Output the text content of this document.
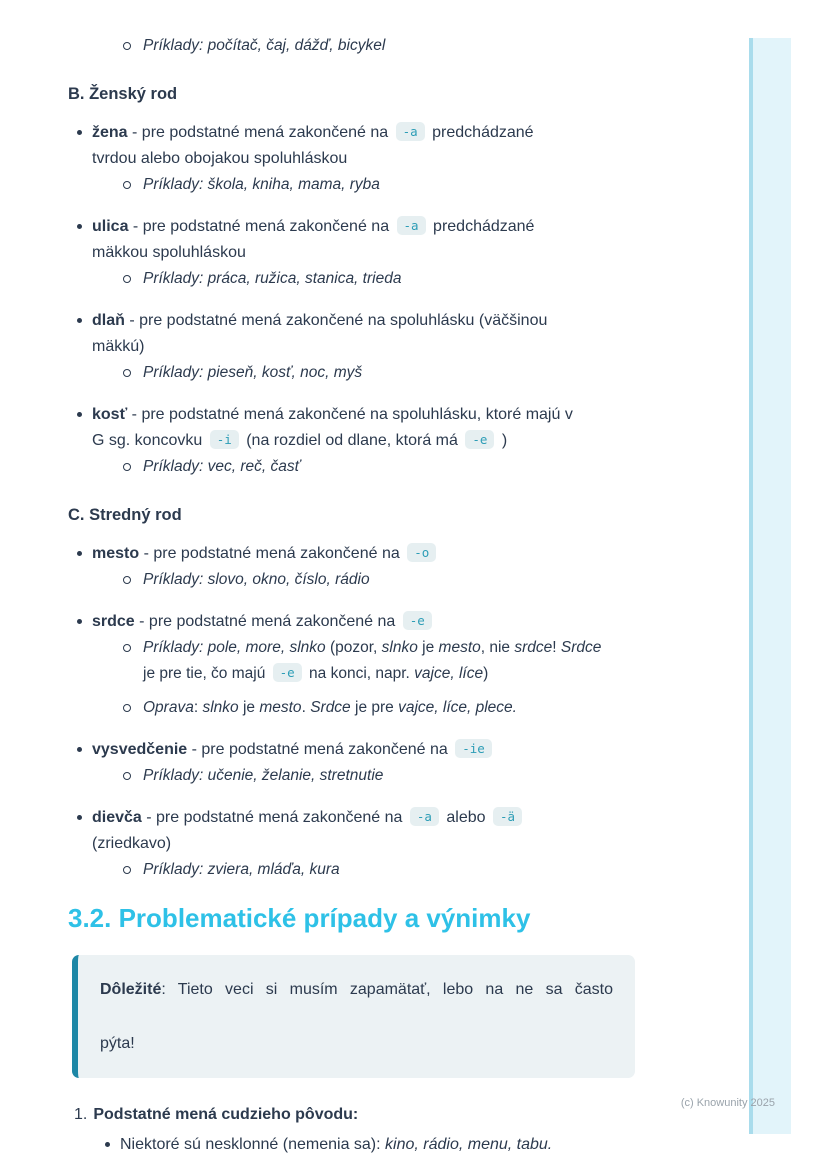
Príklady: počítač, čaj, dážď, bicykel
B. Ženský rod
žena - pre podstatné mená zakončené na -a predchádzané
tvrdou alebo obojakou spoluhláskou
Príklady: škola, kniha, mama, ryba
ulica - pre podstatné mená zakončené na -a predchádzané
mäkkou spoluhláskou
Príklady: práca, ružica, stanica, trieda
dlaň - pre podstatné mená zakončené na spoluhlásku (väčšinou
mäkkú)
Príklady: pieseň, kosť, noc, myš
kosť - pre podstatné mená zakončené na spoluhlásku, ktoré majú v
G sg. koncovku -i (na rozdiel od dlane, ktorá má -e )
Príklady: vec, reč, časť
C. Stredný rod
mesto - pre podstatné mená zakončené na -o
Príklady: slovo, okno, číslo, rádio
srdce - pre podstatné mená zakončené na -e
Príklady: pole, more, slnko (pozor, slnko je mesto, nie srdce! Srdce
je pre tie, čo majú -e na konci, napr. vajce, líce)
Oprava: slnko je mesto. Srdce je pre vajce, líce, plece.
vysvedčenie - pre podstatné mená zakončené na -ie
Príklady: učenie, želanie, stretnutie
dievča - pre podstatné mená zakončené na -a alebo -ä
(zriedkavo)
Príklady: zviera, mláďa, kura
3.2. Problematické prípady a výnimky
Dôležité: Tieto veci si musím zapamätať, lebo na ne sa často
pýta!
1. Podstatné mená cudzieho pôvodu:
Niektoré sú nesklonné (nemenia sa): kino, rádio, menu, tabu.
(c) Knowunity 2025
